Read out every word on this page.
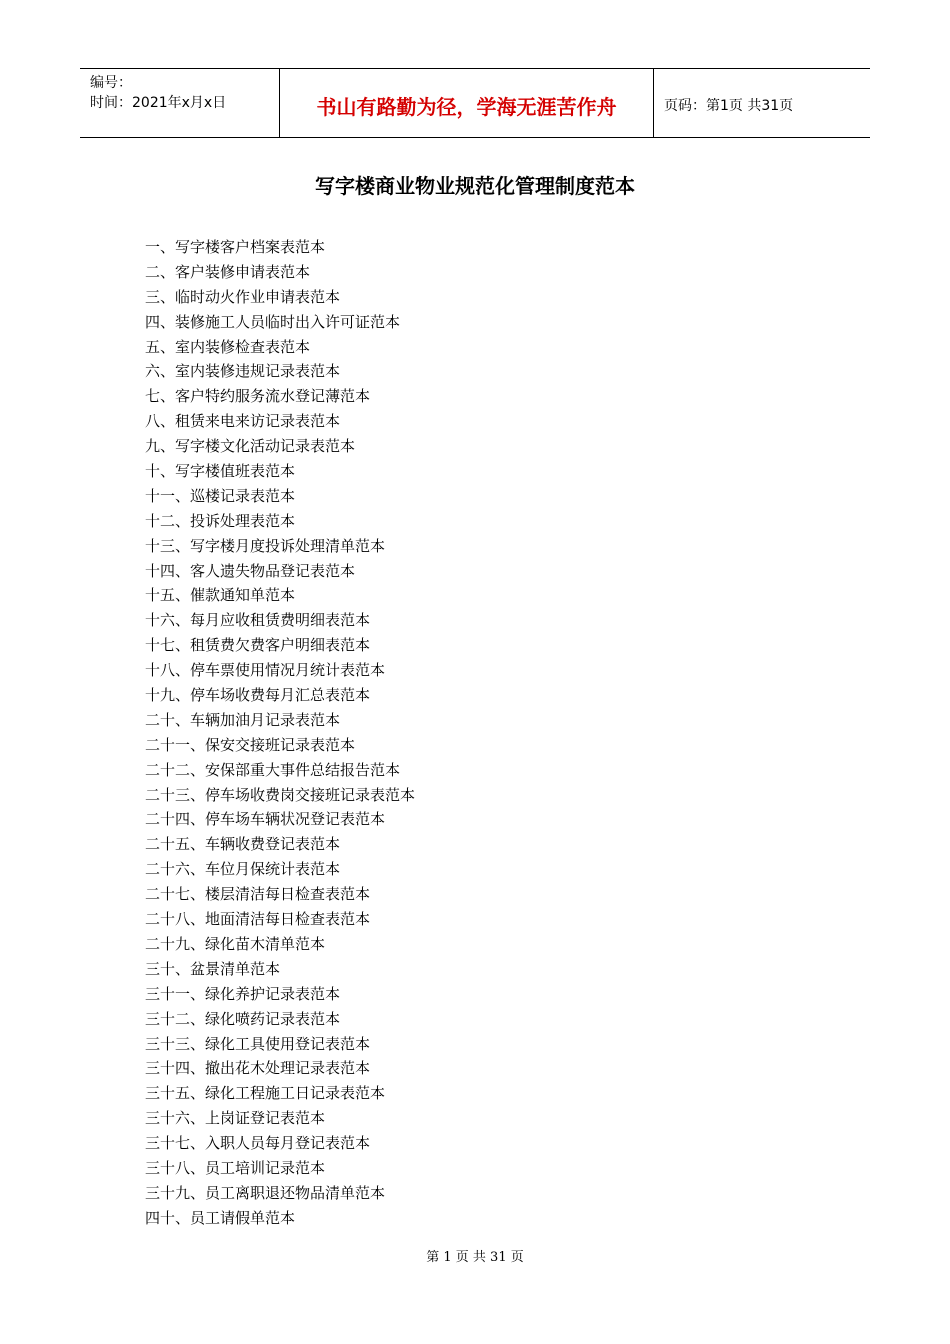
编号：
时间：2021年x月x日	书山有路勤为径，学海无涯苦作舟	页码：第1页 共31页
写字楼商业物业规范化管理制度范本
一、写字楼客户档案表范本
二、客户装修申请表范本
三、临时动火作业申请表范本
四、装修施工人员临时出入许可证范本
五、室内装修检查表范本
六、室内装修违规记录表范本
七、客户特约服务流水登记薄范本
八、租赁来电来访记录表范本
九、写字楼文化活动记录表范本
十、写字楼值班表范本
十一、巡楼记录表范本
十二、投诉处理表范本
十三、写字楼月度投诉处理清单范本
十四、客人遗失物品登记表范本
十五、催款通知单范本
十六、每月应收租赁费明细表范本
十七、租赁费欠费客户明细表范本
十八、停车票使用情况月统计表范本
十九、停车场收费每月汇总表范本
二十、车辆加油月记录表范本
二十一、保安交接班记录表范本
二十二、安保部重大事件总结报告范本
二十三、停车场收费岗交接班记录表范本
二十四、停车场车辆状况登记表范本
二十五、车辆收费登记表范本
二十六、车位月保统计表范本
二十七、楼层清洁每日检查表范本
二十八、地面清洁每日检查表范本
二十九、绿化苗木清单范本
三十、盆景清单范本
三十一、绿化养护记录表范本
三十二、绿化喷药记录表范本
三十三、绿化工具使用登记表范本
三十四、撤出花木处理记录表范本
三十五、绿化工程施工日记录表范本
三十六、上岗证登记表范本
三十七、入职人员每月登记表范本
三十八、员工培训记录范本
三十九、员工离职退还物品清单范本
四十、员工请假单范本
第 1 页 共 31 页
